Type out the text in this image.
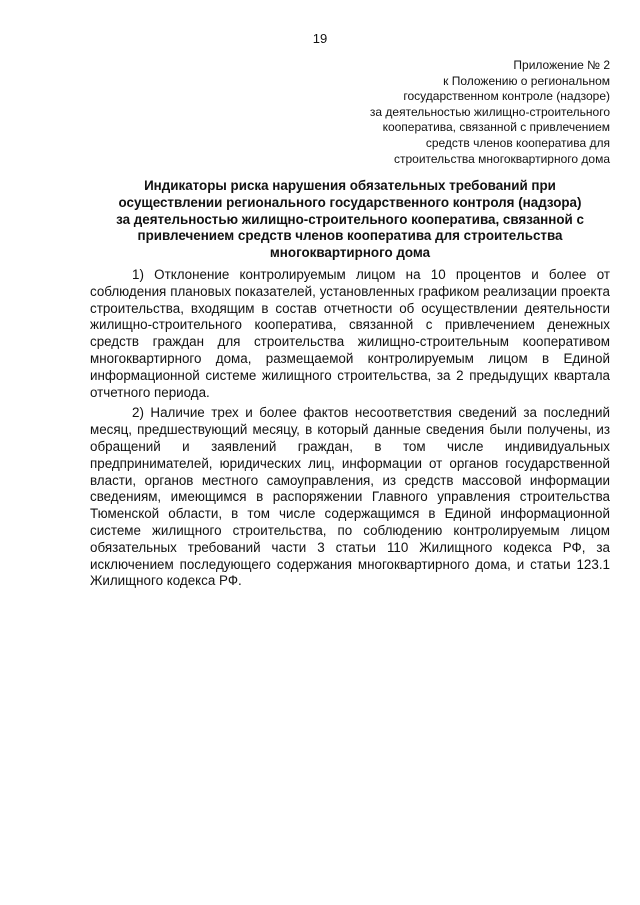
19
Приложение № 2
к Положению о региональном
государственном контроле (надзоре)
за деятельностью жилищно-строительного
кооператива, связанной с привлечением
средств членов кооператива для
строительства многоквартирного дома
Индикаторы риска нарушения обязательных требований при
осуществлении регионального государственного контроля (надзора)
за деятельностью жилищно-строительного кооператива, связанной с
привлечением средств членов кооператива для строительства
многоквартирного дома

1) Отклонение контролируемым лицом на 10 процентов и более от соблюдения плановых показателей, установленных графиком реализации проекта строительства, входящим в состав отчетности об осуществлении деятельности жилищно-строительного кооператива, связанной с привлечением денежных средств граждан для строительства жилищно-строительным кооперативом многоквартирного дома, размещаемой контролируемым лицом в Единой информационной системе жилищного строительства, за 2 предыдущих квартала отчетного периода.

2) Наличие трех и более фактов несоответствия сведений за последний месяц, предшествующий месяцу, в который данные сведения были получены, из обращений и заявлений граждан, в том числе индивидуальных предпринимателей, юридических лиц, информации от органов государственной власти, органов местного самоуправления, из средств массовой информации сведениям, имеющимся в распоряжении Главного управления строительства Тюменской области, в том числе содержащимся в Единой информационной системе жилищного строительства, по соблюдению контролируемым лицом обязательных требований части 3 статьи 110 Жилищного кодекса РФ, за исключением последующего содержания многоквартирного дома, и статьи 123.1 Жилищного кодекса РФ.
